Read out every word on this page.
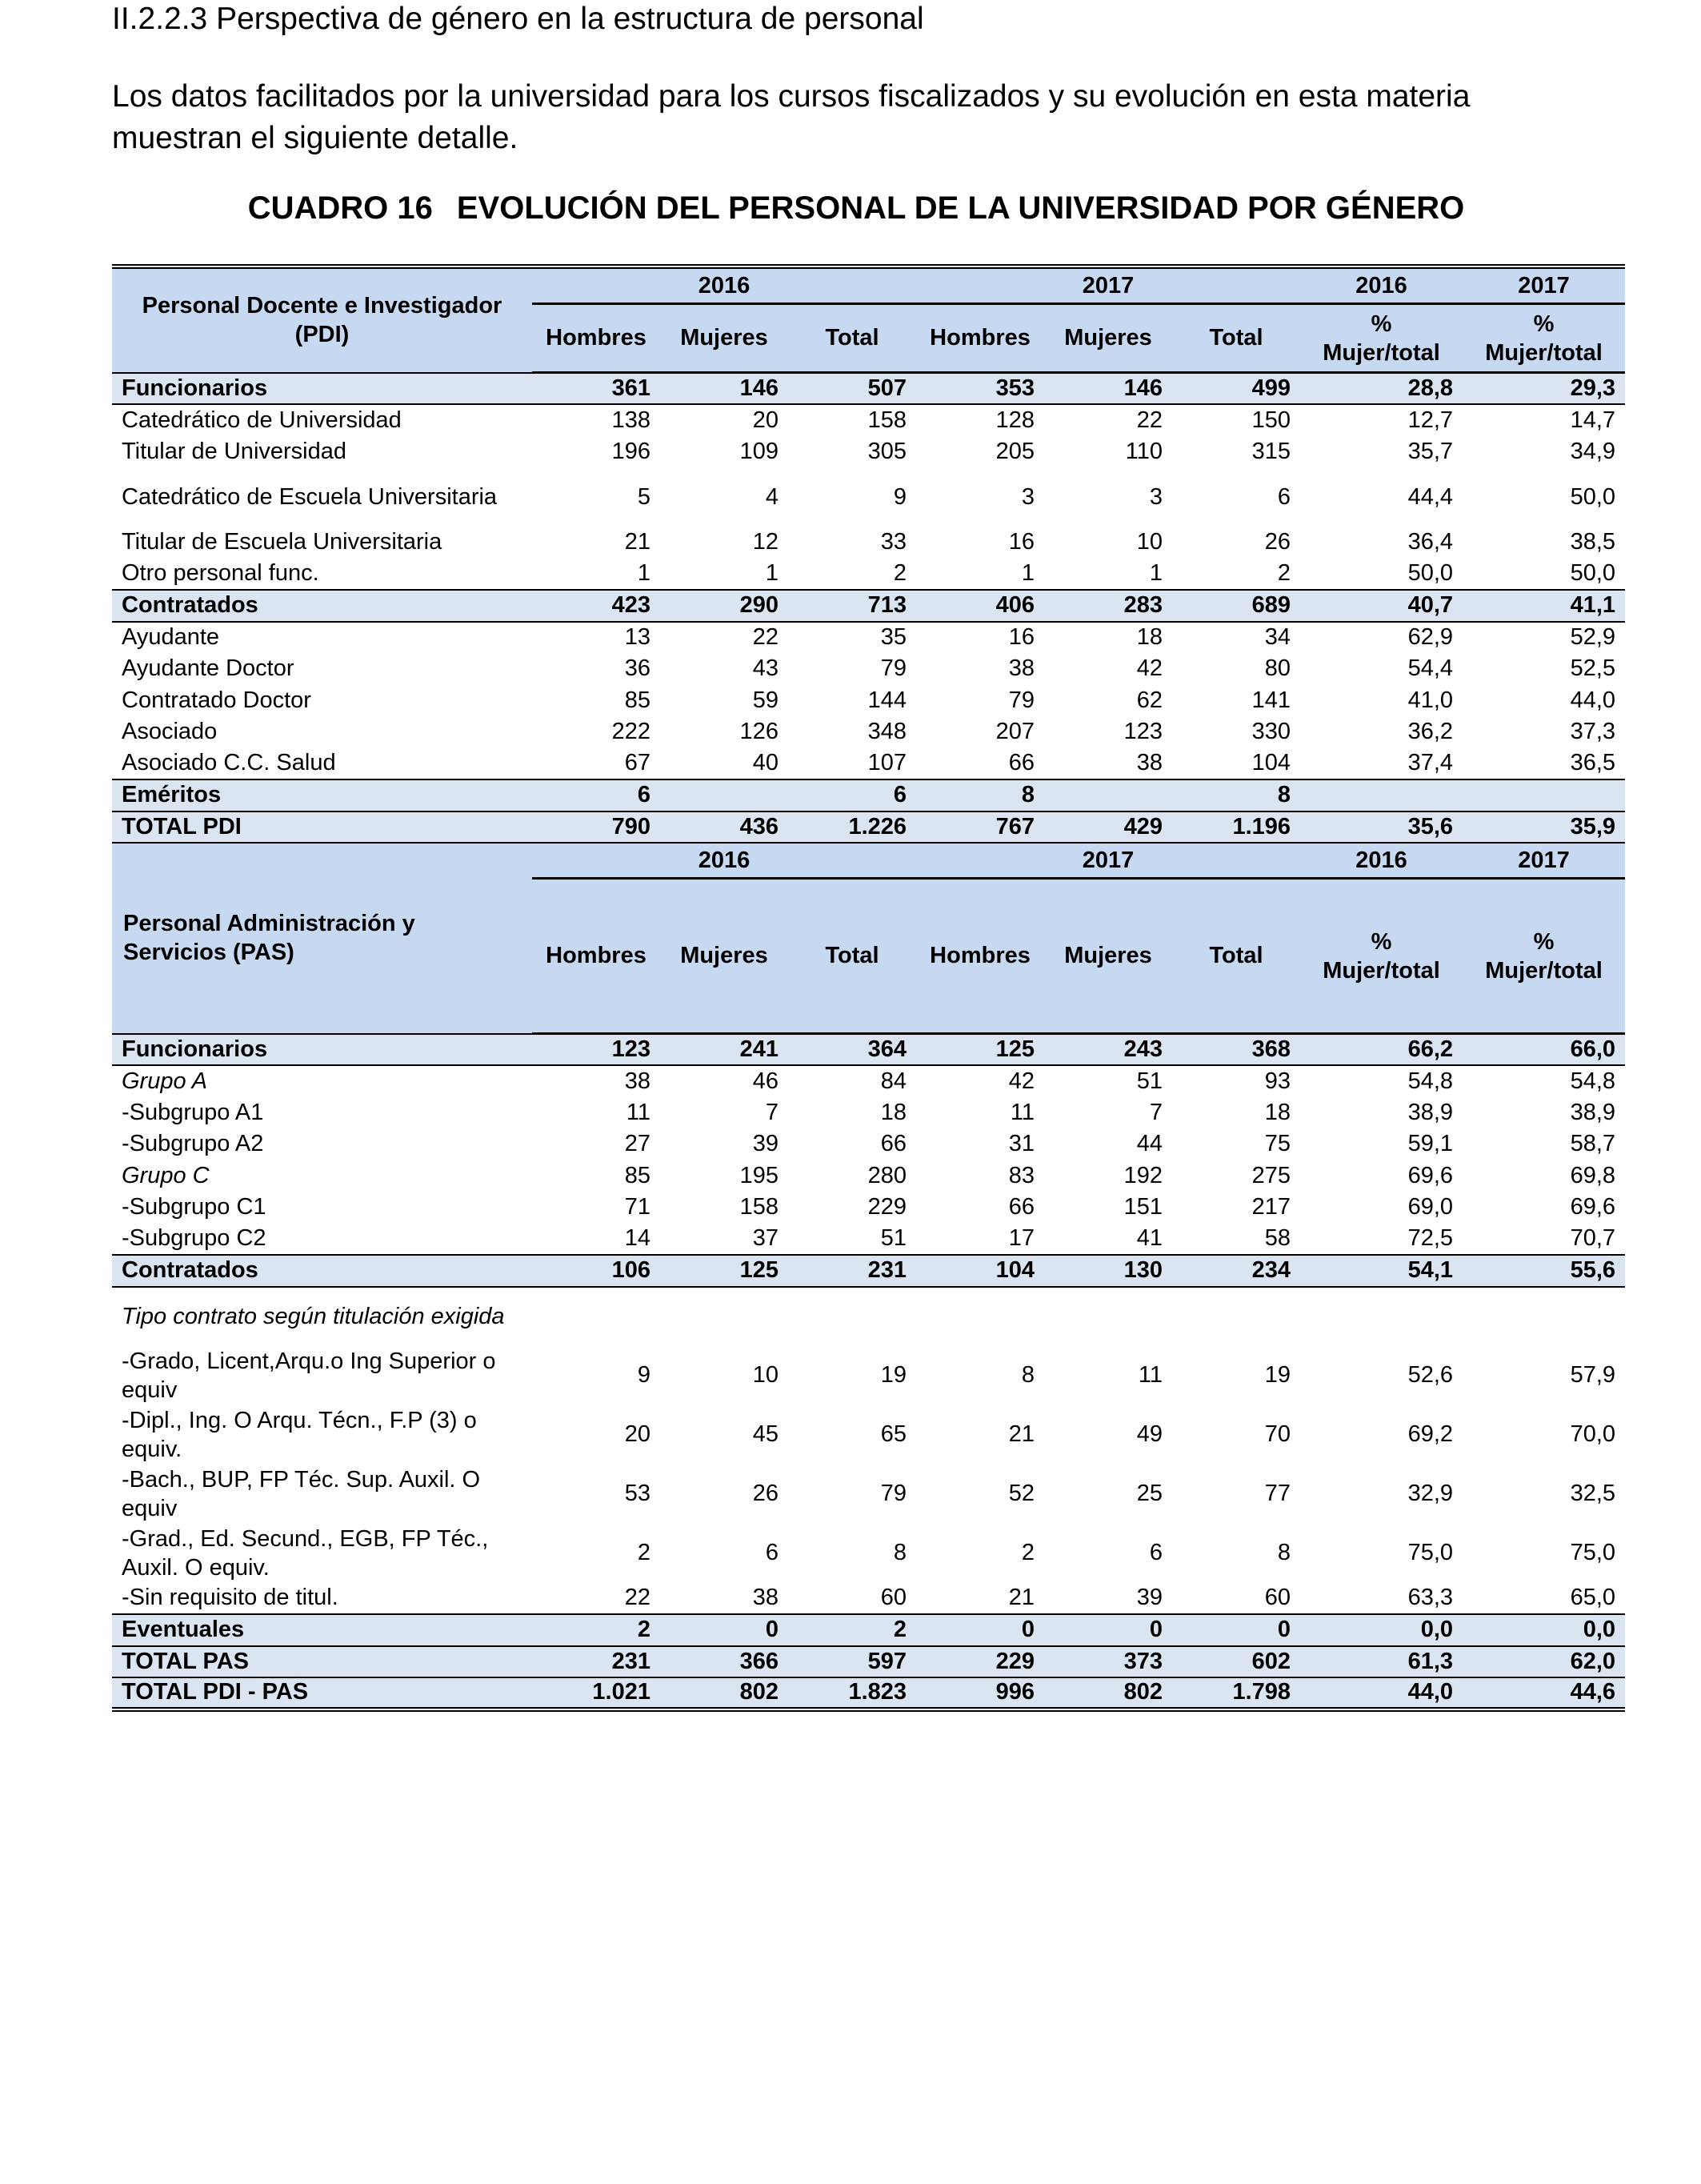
II.2.2.3 Perspectiva de género en la estructura de personal
Los datos facilitados por la universidad para los cursos fiscalizados y su evolución en esta materia muestran el siguiente detalle.
CUADRO 16 EVOLUCIÓN DEL PERSONAL DE LA UNIVERSIDAD POR GÉNERO
Personal Docente e Investigador (PDI)	2016			2017			2016	2017
	Hombres	Mujeres	Total	Hombres	Mujeres	Total	% Mujer/total	% Mujer/total
Funcionarios	361	146	507	353	146	499	28,8	29,3
Catedrático de Universidad	138	20	158	128	22	150	12,7	14,7
Titular de Universidad	196	109	305	205	110	315	35,7	34,9
Catedrático de Escuela Universitaria	5	4	9	3	3	6	44,4	50,0
Titular de Escuela Universitaria	21	12	33	16	10	26	36,4	38,5
Otro personal func.	1	1	2	1	1	2	50,0	50,0
Contratados	423	290	713	406	283	689	40,7	41,1
Ayudante	13	22	35	16	18	34	62,9	52,9
Ayudante Doctor	36	43	79	38	42	80	54,4	52,5
Contratado Doctor	85	59	144	79	62	141	41,0	44,0
Asociado	222	126	348	207	123	330	36,2	37,3
Asociado C.C. Salud	67	40	107	66	38	104	37,4	36,5
Eméritos	6		6	8		8		
TOTAL PDI	790	436	1.226	767	429	1.196	35,6	35,9
Personal Administración y Servicios (PAS)	2016			2017			2016	2017
	Hombres	Mujeres	Total	Hombres	Mujeres	Total	% Mujer/total	% Mujer/total
Funcionarios	123	241	364	125	243	368	66,2	66,0
Grupo A	38	46	84	42	51	93	54,8	54,8
-Subgrupo A1	11	7	18	11	7	18	38,9	38,9
-Subgrupo A2	27	39	66	31	44	75	59,1	58,7
Grupo C	85	195	280	83	192	275	69,6	69,8
-Subgrupo C1	71	158	229	66	151	217	69,0	69,6
-Subgrupo C2	14	37	51	17	41	58	72,5	70,7
Contratados	106	125	231	104	130	234	54,1	55,6
Tipo contrato según titulación exigida								
-Grado, Licent,Arqu.o Ing Superior o equiv	9	10	19	8	11	19	52,6	57,9
-Dipl., Ing. O Arqu. Técn., F.P (3) o equiv.	20	45	65	21	49	70	69,2	70,0
-Bach., BUP, FP Téc. Sup. Auxil. O equiv	53	26	79	52	25	77	32,9	32,5
-Grad., Ed. Secund., EGB, FP Téc., Auxil. O equiv.	2	6	8	2	6	8	75,0	75,0
-Sin requisito de titul.	22	38	60	21	39	60	63,3	65,0
Eventuales	2	0	2	0	0	0	0,0	0,0
TOTAL PAS	231	366	597	229	373	602	61,3	62,0
TOTAL PDI - PAS	1.021	802	1.823	996	802	1.798	44,0	44,6
